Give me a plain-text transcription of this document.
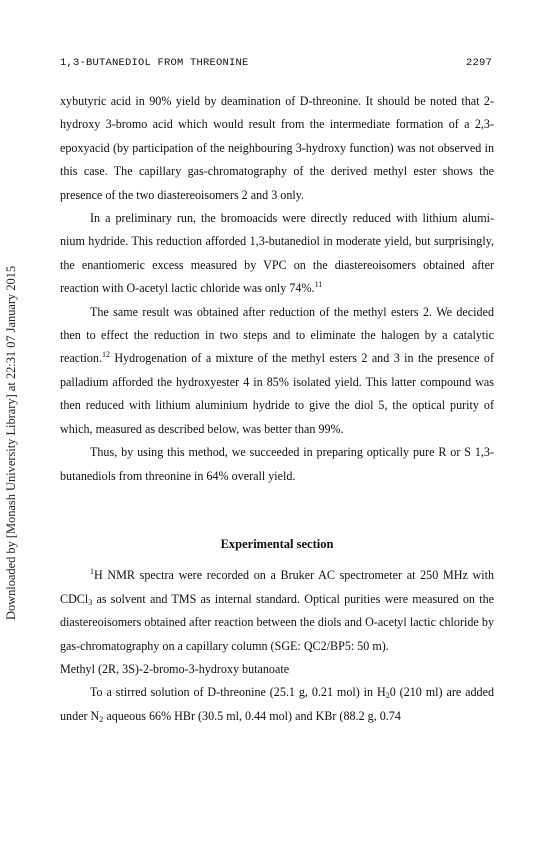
1,3-BUTANEDIOL FROM THREONINE	2297
Downloaded by [Monash University Library] at 22:31 07 January 2015

xybutyric acid in 90% yield by deamination of D-threonine. It should be noted that 2-hydroxy 3-bromo acid which would result from the intermediate formation of a 2,3-epoxyacid (by participation of the neighbouring 3-hydroxy function) was not observed in this case. The capillary gas-chromatography of the derived methyl ester shows the presence of the two diastereoisomers 2 and 3 only.

In a preliminary run, the bromoacids were directly reduced with lithium alumi-nium hydride. This reduction afforded 1,3-butanediol in moderate yield, but surprisingly, the enantiomeric excess measured by VPC on the diastereoisomers obtained after reaction with O-acetyl lactic chloride was only 74%.$^{11}$

The same result was obtained after reduction of the methyl esters 2. We decided then to effect the reduction in two steps and to eliminate the halogen by a catalytic reaction.$^{12}$ Hydrogenation of a mixture of the methyl esters 2 and 3 in the presence of palladium afforded the hydroxyester 4 in 85% isolated yield. This latter compound was then reduced with lithium aluminium hydride to give the diol 5, the optical purity of which, measured as described below, was better than 99%.

Thus, by using this method, we succeeded in preparing optically pure R or S 1,3-butanediols from threonine in 64% overall yield.

Experimental section

$^1$H NMR spectra were recorded on a Bruker AC spectrometer at 250 MHz with CDCl$_3$ as solvent and TMS as internal standard. Optical purities were measured on the diastereoisomers obtained after reaction between the diols and O-acetyl lactic chloride by gas-chromatography on a capillary column (SGE: QC2/BP5: 50 m).

Methyl (2R, 3S)-2-bromo-3-hydroxy butanoate

To a stirred solution of D-threonine (25.1 g, 0.21 mol) in $H_20$ (210 ml) are added under $N_2$ aqueous 66% HBr (30.5 ml, 0.44 mol) and KBr (88.2 g, 0.74
